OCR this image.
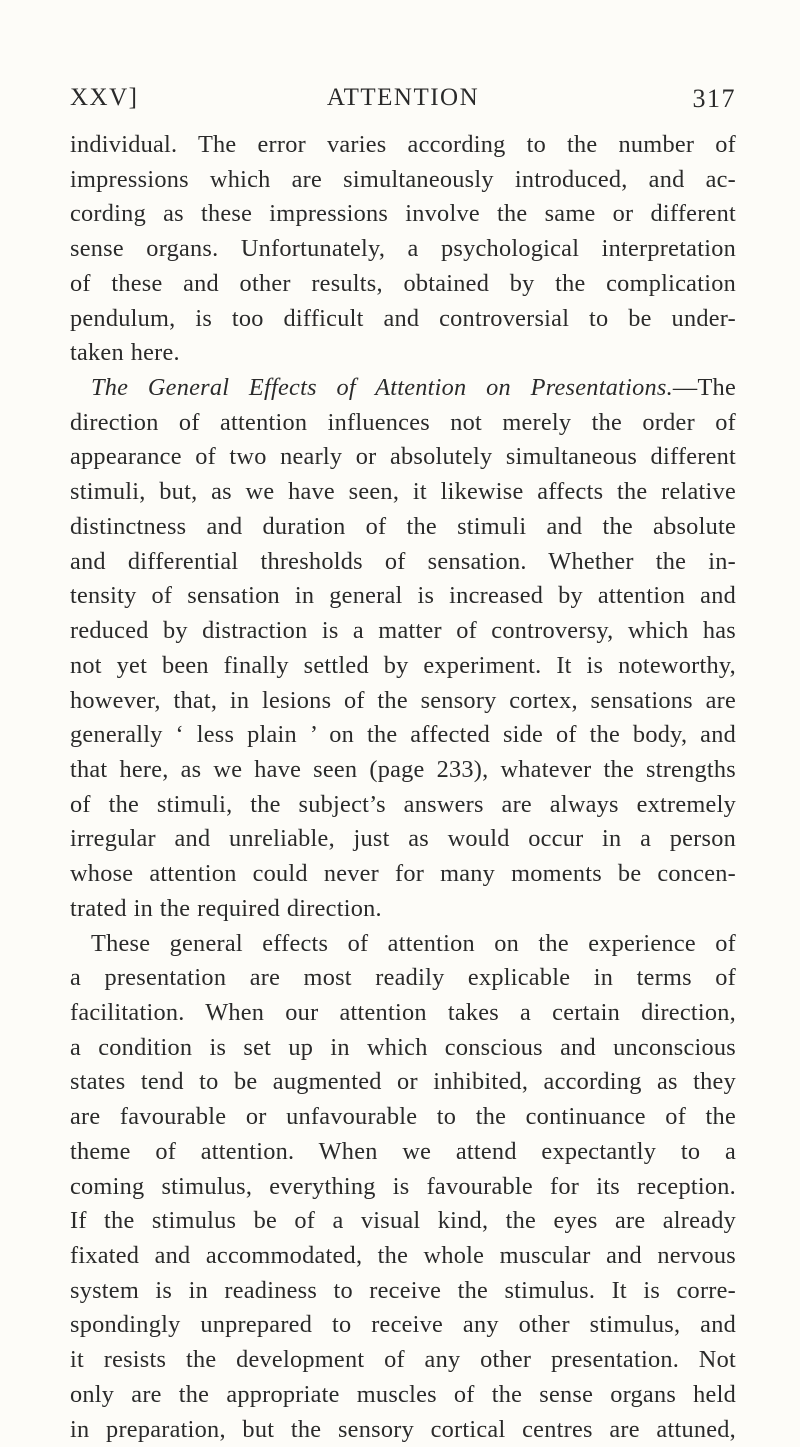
XXV]	ATTENTION	317
individual. The error varies according to the number of
impressions which are simultaneously introduced, and ac-
cording as these impressions involve the same or different
sense organs. Unfortunately, a psychological interpretation
of these and other results, obtained by the complication
pendulum, is too difficult and controversial to be under-
taken here.
The General Effects of Attention on Presentations.—The
direction of attention influences not merely the order of
appearance of two nearly or absolutely simultaneous different
stimuli, but, as we have seen, it likewise affects the relative
distinctness and duration of the stimuli and the absolute
and differential thresholds of sensation. Whether the in-
tensity of sensation in general is increased by attention and
reduced by distraction is a matter of controversy, which has
not yet been finally settled by experiment. It is noteworthy,
however, that, in lesions of the sensory cortex, sensations are
generally ‘ less plain ’ on the affected side of the body, and
that here, as we have seen (page 233), whatever the strengths
of the stimuli, the subject’s answers are always extremely
irregular and unreliable, just as would occur in a person
whose attention could never for many moments be concen-
trated in the required direction.
These general effects of attention on the experience of
a presentation are most readily explicable in terms of
facilitation. When our attention takes a certain direction,
a condition is set up in which conscious and unconscious
states tend to be augmented or inhibited, according as they
are favourable or unfavourable to the continuance of the
theme of attention. When we attend expectantly to a
coming stimulus, everything is favourable for its reception.
If the stimulus be of a visual kind, the eyes are already
fixated and accommodated, the whole muscular and nervous
system is in readiness to receive the stimulus. It is corre-
spondingly unprepared to receive any other stimulus, and
it resists the development of any other presentation. Not
only are the appropriate muscles of the sense organs held
in preparation, but the sensory cortical centres are attuned,
